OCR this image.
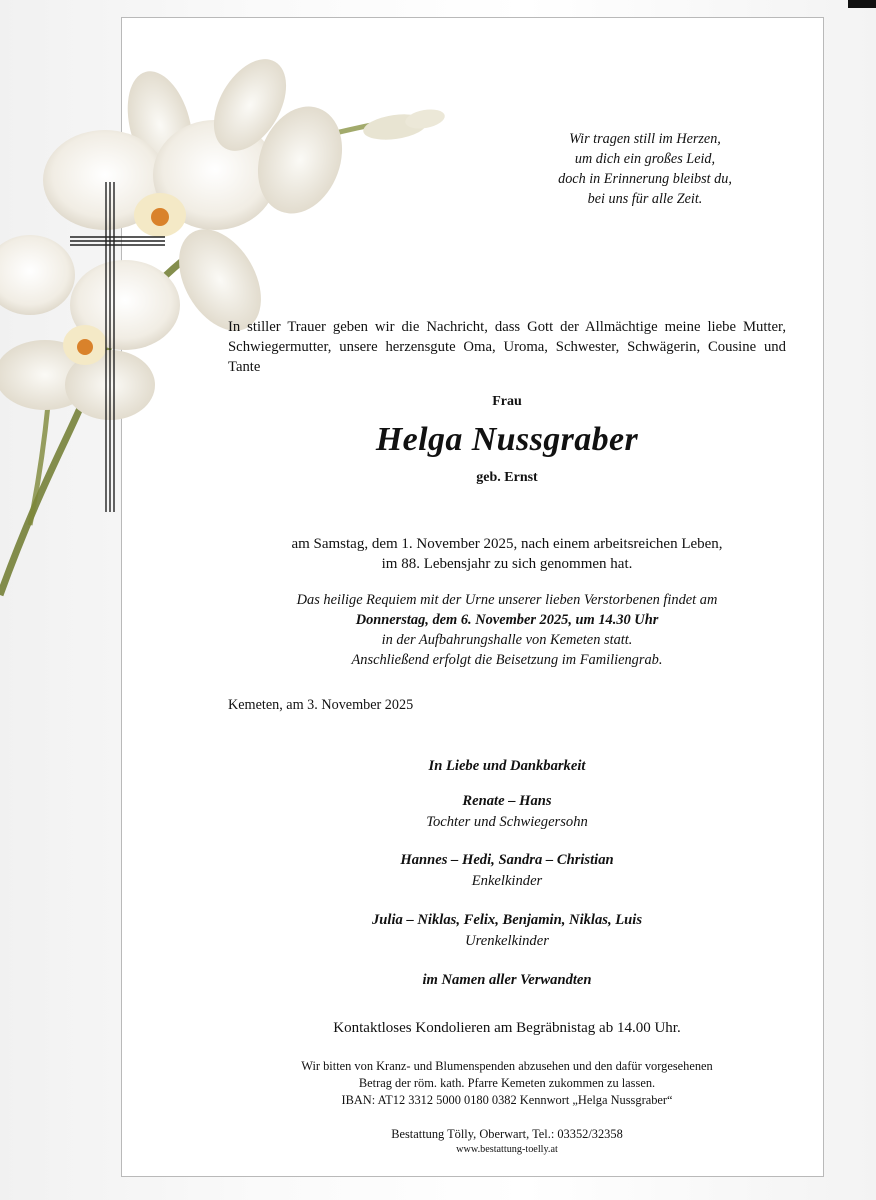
Wir tragen still im Herzen,
um dich ein großes Leid,
doch in Erinnerung bleibst du,
bei uns für alle Zeit.
In stiller Trauer geben wir die Nachricht, dass Gott der Allmächtige meine liebe Mutter, Schwiegermutter, unsere herzensgute Oma, Uroma, Schwester, Schwägerin, Cousine und Tante
Frau
Helga Nussgraber
geb. Ernst
am Samstag, dem 1. November 2025, nach einem arbeitsreichen Leben,
im 88. Lebensjahr zu sich genommen hat.
Das heilige Requiem mit der Urne unserer lieben Verstorbenen findet am
Donnerstag, dem 6. November 2025, um 14.30 Uhr
in der Aufbahrungshalle von Kemeten statt.
Anschließend erfolgt die Beisetzung im Familiengrab.
Kemeten, am 3. November 2025
In Liebe und Dankbarkeit
Renate – Hans
Tochter und Schwiegersohn
Hannes – Hedi, Sandra – Christian
Enkelkinder
Julia – Niklas, Felix, Benjamin, Niklas, Luis
Urenkelkinder
im Namen aller Verwandten
Kontaktloses Kondolieren am Begräbnistag ab 14.00 Uhr.
Wir bitten von Kranz- und Blumenspenden abzusehen und den dafür vorgesehenen
Betrag der röm. kath. Pfarre Kemeten zukommen zu lassen.
IBAN: AT12 3312 5000 0180 0382 Kennwort „Helga Nussgraber“
Bestattung Tölly, Oberwart, Tel.: 03352/32358
www.bestattung-toelly.at
